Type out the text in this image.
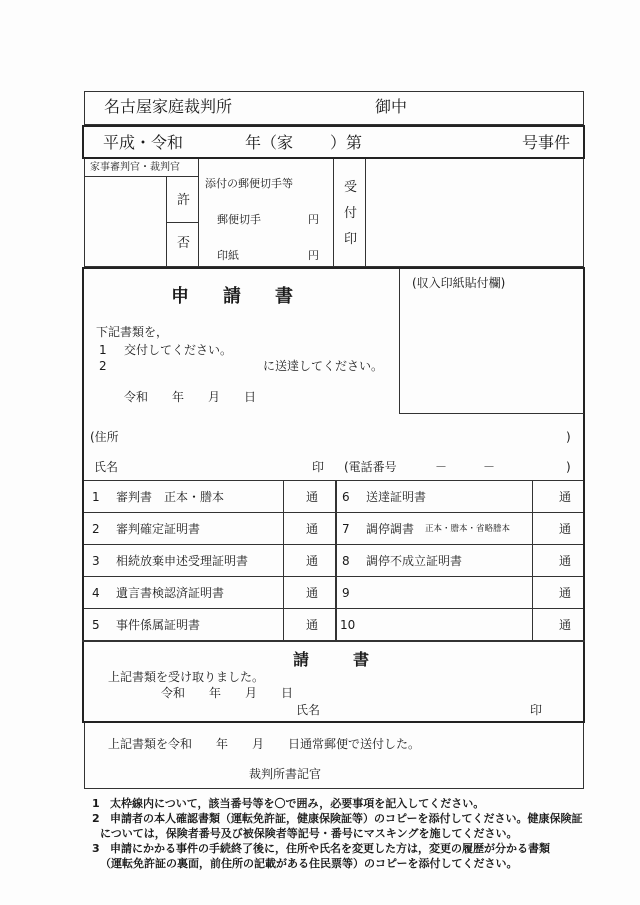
名古屋家庭裁判所	御中
平成・令和	年（家 ）第	号事件
家事審判官・裁判官
許
否
添付の郵便切手等
郵便切手	円
印紙	円
受
付
印
申　請　書
(収入印紙貼付欄)
下記書類を，
1 交付してください。
2	に送達してください。
令和　　年　　月　　日
(住所	)
氏名	印 (電話番号	－　　　－	)
1 審判書　正本・謄本	通
2 審判確定証明書	通
3 相続放棄申述受理証明書	通
4 遺言書検認済証明書	通
5 事件係属証明書	通
6 送達証明書	通
7 調停調書 正本・謄本・省略謄本	通
8 調停不成立証明書	通
9	通
10	通
請　　書
上記書類を受け取りました。
令和　　年　　月　　日
氏名	印
上記書類を令和　　年　　月　　日通常郵便で送付した。
裁判所書記官
1 太枠線内について，該当番号等を〇で囲み，必要事項を記入してください。
2 申請者の本人確認書類（運転免許証，健康保険証等）のコピーを添付してください。健康保険証
については，保険者番号及び被保険者等記号・番号にマスキングを施してください。
3 申請にかかる事件の手続終了後に，住所や氏名を変更した方は，変更の履歴が分かる書類
（運転免許証の裏面，前住所の記載がある住民票等）のコピーを添付してください。
